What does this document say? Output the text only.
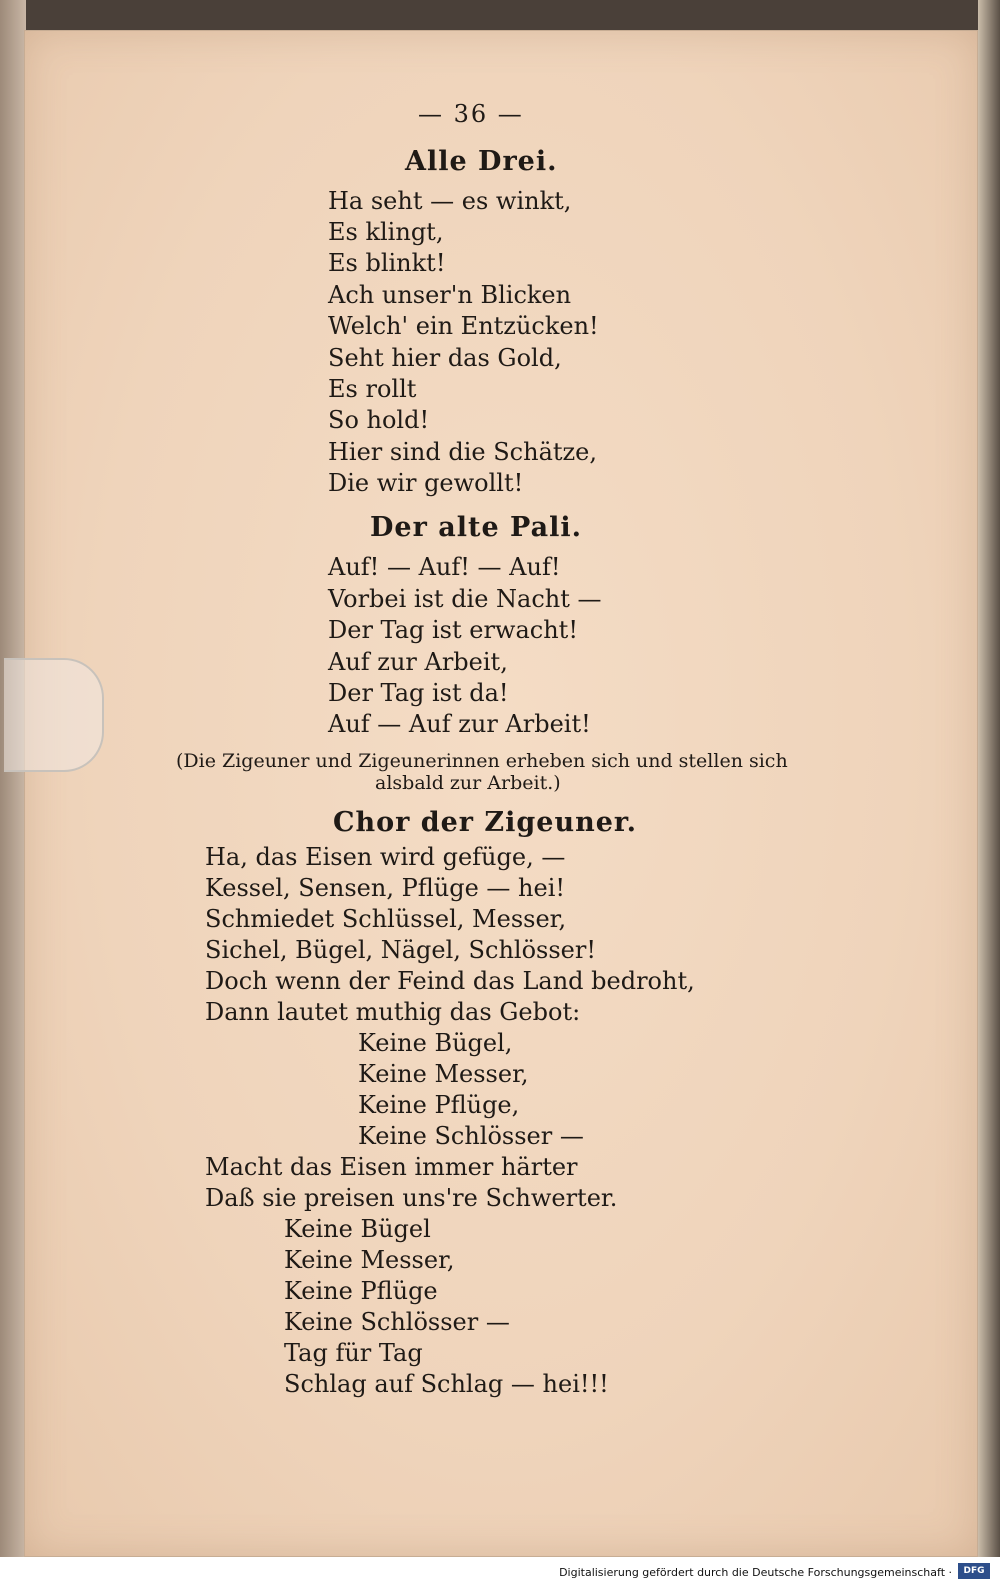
— 36 —
Alle Drei.
Ha seht — es winkt,
Es klingt,
Es blinkt!
Ach unser'n Blicken
Welch' ein Entzücken!
Seht hier das Gold,
Es rollt
So hold!
Hier sind die Schätze,
Die wir gewollt!
Der alte Pali.
Auf! — Auf! — Auf!
Vorbei ist die Nacht —
Der Tag ist erwacht!
Auf zur Arbeit,
Der Tag ist da!
Auf — Auf zur Arbeit!
(Die Zigeuner und Zigeunerinnen erheben sich und stellen sich
alsbald zur Arbeit.)
Chor der Zigeuner.
Ha, das Eisen wird gefüge, —
Kessel, Sensen, Pflüge — hei!
Schmiedet Schlüssel, Messer,
Sichel, Bügel, Nägel, Schlösser!
Doch wenn der Feind das Land bedroht,
Dann lautet muthig das Gebot:
Keine Bügel,
Keine Messer,
Keine Pflüge,
Keine Schlösser —
Macht das Eisen immer härter
Daß sie preisen uns're Schwerter.
Keine Bügel
Keine Messer,
Keine Pflüge
Keine Schlösser —
Tag für Tag
Schlag auf Schlag — hei!!!
Digitalisierung gefördert durch die Deutsche Forschungsgemeinschaft ·	DFG
